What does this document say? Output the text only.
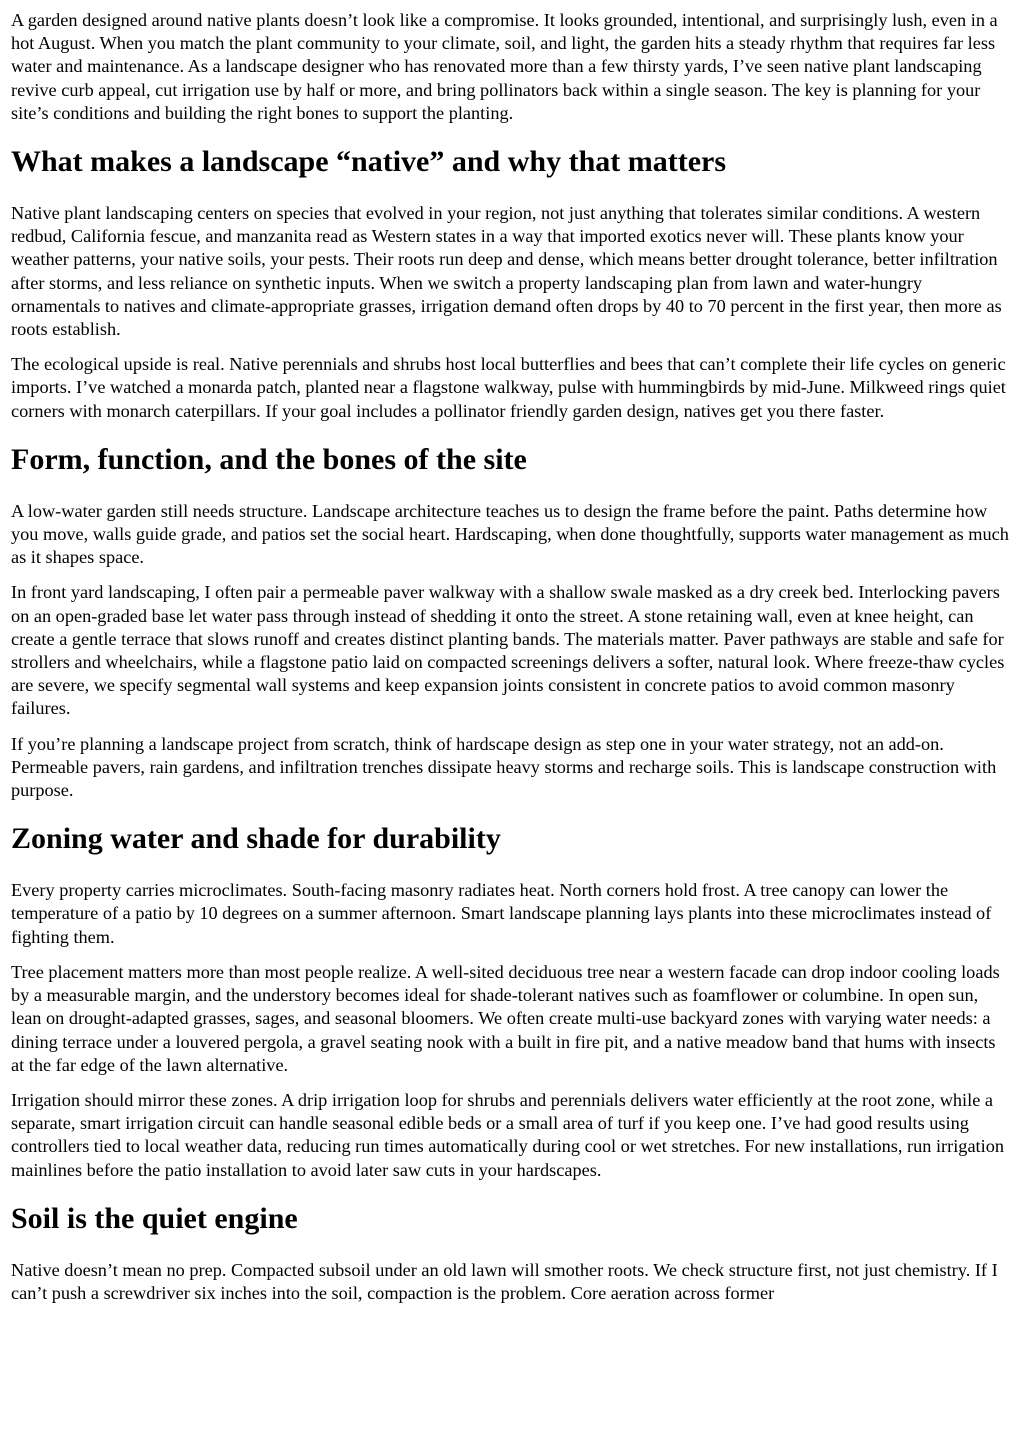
A garden designed around native plants doesn’t look like a compromise. It looks grounded, intentional, and surprisingly lush, even in a hot August. When you match the plant community to your climate, soil, and light, the garden hits a steady rhythm that requires far less water and maintenance. As a landscape designer who has renovated more than a few thirsty yards, I’ve seen native plant landscaping revive curb appeal, cut irrigation use by half or more, and bring pollinators back within a single season. The key is planning for your site’s conditions and building the right bones to support the planting.

What makes a landscape “native” and why that matters

Native plant landscaping centers on species that evolved in your region, not just anything that tolerates similar conditions. A western redbud, California fescue, and manzanita read as Western states in a way that imported exotics never will. These plants know your weather patterns, your native soils, your pests. Their roots run deep and dense, which means better drought tolerance, better infiltration after storms, and less reliance on synthetic inputs. When we switch a property landscaping plan from lawn and water-hungry ornamentals to natives and climate-appropriate grasses, irrigation demand often drops by 40 to 70 percent in the first year, then more as roots establish.

The ecological upside is real. Native perennials and shrubs host local butterflies and bees that can’t complete their life cycles on generic imports. I’ve watched a monarda patch, planted near a flagstone walkway, pulse with hummingbirds by mid-June. Milkweed rings quiet corners with monarch caterpillars. If your goal includes a pollinator friendly garden design, natives get you there faster.

Form, function, and the bones of the site

A low-water garden still needs structure. Landscape architecture teaches us to design the frame before the paint. Paths determine how you move, walls guide grade, and patios set the social heart. Hardscaping, when done thoughtfully, supports water management as much as it shapes space.

In front yard landscaping, I often pair a permeable paver walkway with a shallow swale masked as a dry creek bed. Interlocking pavers on an open-graded base let water pass through instead of shedding it onto the street. A stone retaining wall, even at knee height, can create a gentle terrace that slows runoff and creates distinct planting bands. The materials matter. Paver pathways are stable and safe for strollers and wheelchairs, while a flagstone patio laid on compacted screenings delivers a softer, natural look. Where freeze-thaw cycles are severe, we specify segmental wall systems and keep expansion joints consistent in concrete patios to avoid common masonry failures.

If you’re planning a landscape project from scratch, think of hardscape design as step one in your water strategy, not an add-on. Permeable pavers, rain gardens, and infiltration trenches dissipate heavy storms and recharge soils. This is landscape construction with purpose.

Zoning water and shade for durability

Every property carries microclimates. South-facing masonry radiates heat. North corners hold frost. A tree canopy can lower the temperature of a patio by 10 degrees on a summer afternoon. Smart landscape planning lays plants into these microclimates instead of fighting them.

Tree placement matters more than most people realize. A well-sited deciduous tree near a western facade can drop indoor cooling loads by a measurable margin, and the understory becomes ideal for shade-tolerant natives such as foamflower or columbine. In open sun, lean on drought-adapted grasses, sages, and seasonal bloomers. We often create multi-use backyard zones with varying water needs: a dining terrace under a louvered pergola, a gravel seating nook with a built in fire pit, and a native meadow band that hums with insects at the far edge of the lawn alternative.

Irrigation should mirror these zones. A drip irrigation loop for shrubs and perennials delivers water efficiently at the root zone, while a separate, smart irrigation circuit can handle seasonal edible beds or a small area of turf if you keep one. I’ve had good results using controllers tied to local weather data, reducing run times automatically during cool or wet stretches. For new installations, run irrigation mainlines before the patio installation to avoid later saw cuts in your hardscapes.

Soil is the quiet engine

Native doesn’t mean no prep. Compacted subsoil under an old lawn will smother roots. We check structure first, not just chemistry. If I can’t push a screwdriver six inches into the soil, compaction is the problem. Core aeration across former
